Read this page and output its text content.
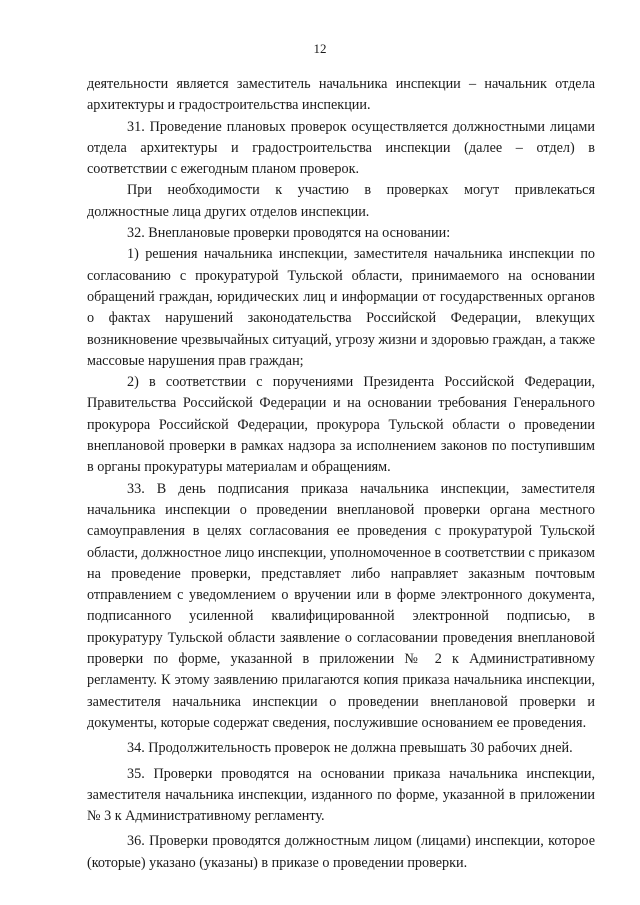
12

деятельности является заместитель начальника инспекции – начальник отдела архитектуры и градостроительства инспекции.

31. Проведение плановых проверок осуществляется должностными лицами отдела архитектуры и градостроительства инспекции (далее – отдел) в соответствии с ежегодным планом проверок.

При необходимости к участию в проверках могут привлекаться должностные лица других отделов инспекции.

32. Внеплановые проверки проводятся на основании:

1) решения начальника инспекции, заместителя начальника инспекции по согласованию с прокуратурой Тульской области, принимаемого на основании обращений граждан, юридических лиц и информации от государственных органов о фактах нарушений законодательства Российской Федерации, влекущих возникновение чрезвычайных ситуаций, угрозу жизни и здоровью граждан, а также массовые нарушения прав граждан;

2) в соответствии с поручениями Президента Российской Федерации, Правительства Российской Федерации и на основании требования Генерального прокурора Российской Федерации, прокурора Тульской области о проведении внеплановой проверки в рамках надзора за исполнением законов по поступившим в органы прокуратуры материалам и обращениям.

33. В день подписания приказа начальника инспекции, заместителя начальника инспекции о проведении внеплановой проверки органа местного самоуправления в целях согласования ее проведения с прокуратурой Тульской области, должностное лицо инспекции, уполномоченное в соответствии с приказом на проведение проверки, представляет либо направляет заказным почтовым отправлением с уведомлением о вручении или в форме электронного документа, подписанного усиленной квалифицированной электронной подписью, в прокуратуру Тульской области заявление о согласовании проведения внеплановой проверки по форме, указанной в приложении № 2 к Административному регламенту. К этому заявлению прилагаются копия приказа начальника инспекции, заместителя начальника инспекции о проведении внеплановой проверки и документы, которые содержат сведения, послужившие основанием ее проведения.

34. Продолжительность проверок не должна превышать 30 рабочих дней.

35. Проверки проводятся на основании приказа начальника инспекции, заместителя начальника инспекции, изданного по форме, указанной в приложении № 3 к Административному регламенту.

36. Проверки проводятся должностным лицом (лицами) инспекции, которое (которые) указано (указаны) в приказе о проведении проверки.
